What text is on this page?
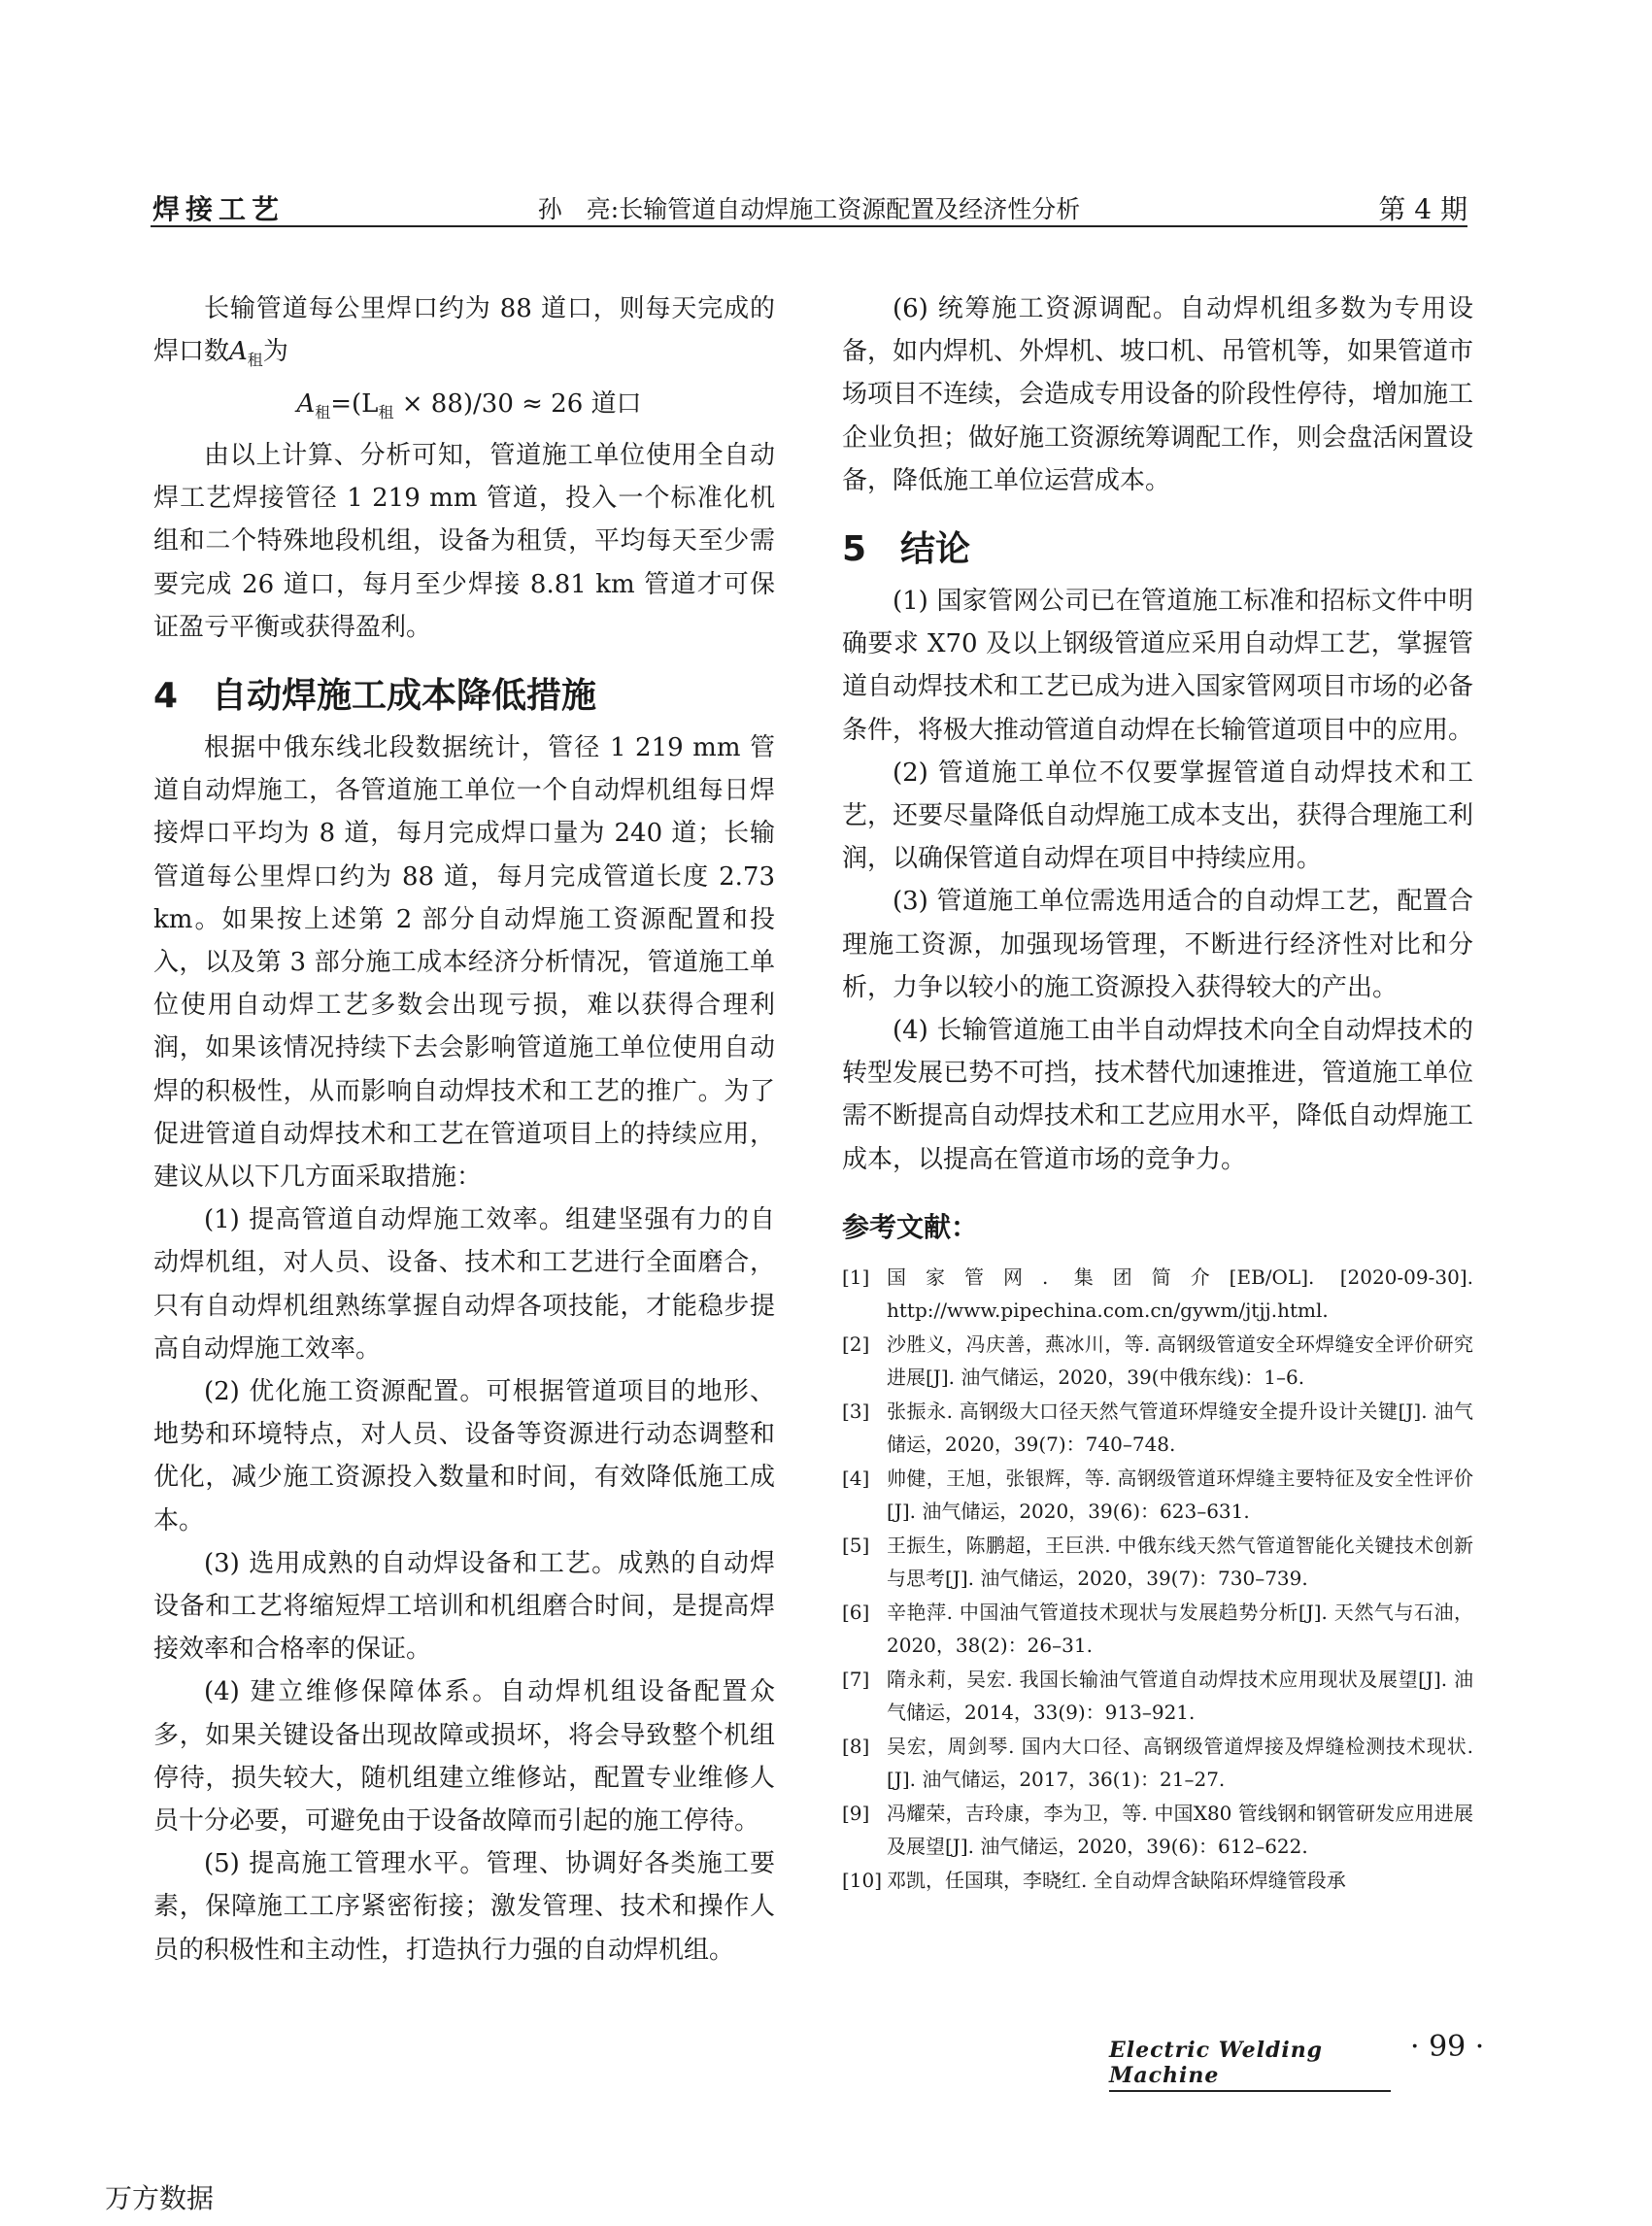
焊接工艺	孙　亮:长输管道自动焊施工资源配置及经济性分析	第 4 期

长输管道每公里焊口约为 88 道口，则每天完成的焊口数$A_租$为

$A_租=(L_租 \times 88)/30 \approx 26$ 道口

由以上计算、分析可知，管道施工单位使用全自动焊工艺焊接管径 1 219 mm 管道，投入一个标准化机组和二个特殊地段机组，设备为租赁，平均每天至少需要完成 26 道口，每月至少焊接 8.81 km 管道才可保证盈亏平衡或获得盈利。

4 自动焊施工成本降低措施

根据中俄东线北段数据统计，管径 1 219 mm 管道自动焊施工，各管道施工单位一个自动焊机组每日焊接焊口平均为 8 道，每月完成焊口量为 240 道；长输管道每公里焊口约为 88 道，每月完成管道长度 2.73 km。如果按上述第 2 部分自动焊施工资源配置和投入，以及第 3 部分施工成本经济分析情况，管道施工单位使用自动焊工艺多数会出现亏损，难以获得合理利润，如果该情况持续下去会影响管道施工单位使用自动焊的积极性，从而影响自动焊技术和工艺的推广。为了促进管道自动焊技术和工艺在管道项目上的持续应用，建议从以下几方面采取措施：

(1) 提高管道自动焊施工效率。组建坚强有力的自动焊机组，对人员、设备、技术和工艺进行全面磨合，只有自动焊机组熟练掌握自动焊各项技能，才能稳步提高自动焊施工效率。

(2) 优化施工资源配置。可根据管道项目的地形、地势和环境特点，对人员、设备等资源进行动态调整和优化，减少施工资源投入数量和时间，有效降低施工成本。

(3) 选用成熟的自动焊设备和工艺。成熟的自动焊设备和工艺将缩短焊工培训和机组磨合时间，是提高焊接效率和合格率的保证。

(4) 建立维修保障体系。自动焊机组设备配置众多，如果关键设备出现故障或损坏，将会导致整个机组停待，损失较大，随机组建立维修站，配置专业维修人员十分必要，可避免由于设备故障而引起的施工停待。

(5) 提高施工管理水平。管理、协调好各类施工要素，保障施工工序紧密衔接；激发管理、技术和操作人员的积极性和主动性，打造执行力强的自动焊机组。

(6) 统筹施工资源调配。自动焊机组多数为专用设备，如内焊机、外焊机、坡口机、吊管机等，如果管道市场项目不连续，会造成专用设备的阶段性停待，增加施工企业负担；做好施工资源统筹调配工作，则会盘活闲置设备，降低施工单位运营成本。

5 结论

(1) 国家管网公司已在管道施工标准和招标文件中明确要求 X70 及以上钢级管道应采用自动焊工艺，掌握管道自动焊技术和工艺已成为进入国家管网项目市场的必备条件，将极大推动管道自动焊在长输管道项目中的应用。

(2) 管道施工单位不仅要掌握管道自动焊技术和工艺，还要尽量降低自动焊施工成本支出，获得合理施工利润，以确保管道自动焊在项目中持续应用。

(3) 管道施工单位需选用适合的自动焊工艺，配置合理施工资源，加强现场管理，不断进行经济性对比和分析，力争以较小的施工资源投入获得较大的产出。

(4) 长输管道施工由半自动焊技术向全自动焊技术的转型发展已势不可挡，技术替代加速推进，管道施工单位需不断提高自动焊技术和工艺应用水平，降低自动焊施工成本，以提高在管道市场的竞争力。

参考文献：
[1] 国家管网. 集团简介[EB/OL]. [2020-09-30]. http://www.pipechina.com.cn/gywm/jtjj.html.
[2] 沙胜义，冯庆善，燕冰川，等. 高钢级管道安全环焊缝安全评价研究进展[J]. 油气储运，2020，39(中俄东线)：1–6.
[3] 张振永. 高钢级大口径天然气管道环焊缝安全提升设计关键[J]. 油气储运，2020，39(7)：740–748.
[4] 帅健，王旭，张银辉，等. 高钢级管道环焊缝主要特征及安全性评价[J]. 油气储运，2020，39(6)：623–631.
[5] 王振生，陈鹏超，王巨洪. 中俄东线天然气管道智能化关键技术创新与思考[J]. 油气储运，2020，39(7)：730–739.
[6] 辛艳萍. 中国油气管道技术现状与发展趋势分析[J]. 天然气与石油，2020，38(2)：26–31.
[7] 隋永莉，吴宏. 我国长输油气管道自动焊技术应用现状及展望[J]. 油气储运，2014，33(9)：913–921.
[8] 吴宏，周剑琴. 国内大口径、高钢级管道焊接及焊缝检测技术现状.[J]. 油气储运，2017，36(1)：21–27.
[9] 冯耀荣，吉玲康，李为卫，等. 中国X80 管线钢和钢管研发应用进展及展望[J]. 油气储运，2020，39(6)：612–622.
[10] 邓凯，任国琪，李晓红. 全自动焊含缺陷环焊缝管段承
Electric Welding Machine
· 99 ·
万方数据
